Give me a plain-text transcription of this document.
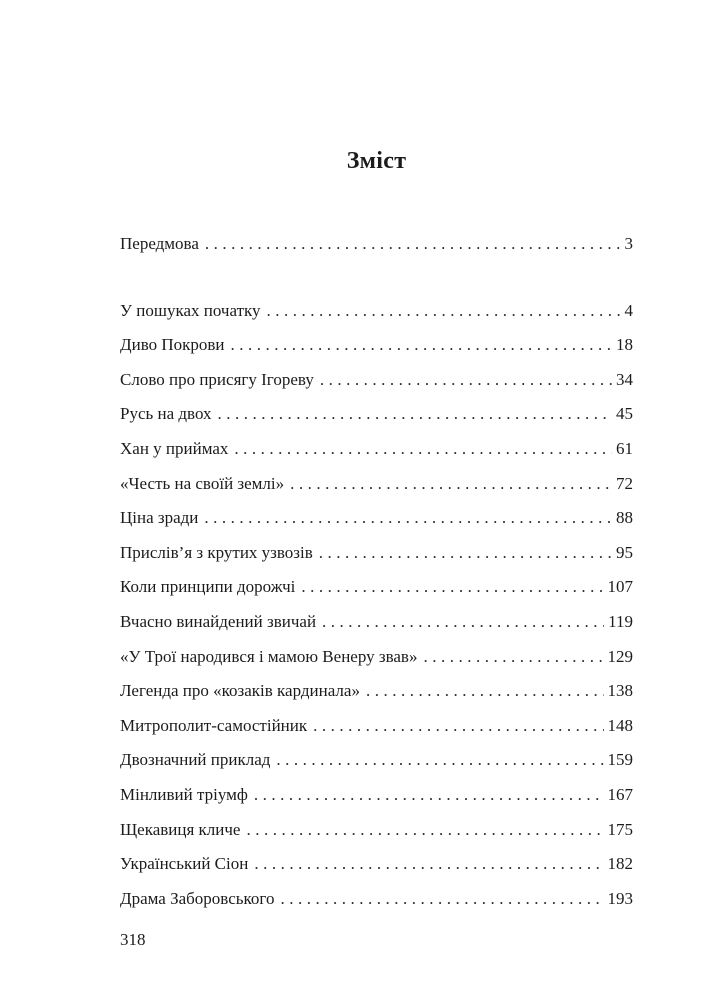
Зміст
Передмова .....	3
У пошуках початку .....	4
Диво Покрови .....	18
Слово про присягу Ігореву .....	34
Русь на двох .....	45
Хан у приймах .....	61
«Честь на своїй землі» .....	72
Ціна зради .....	88
Прислів’я з крутих узвозів .....	95
Коли принципи дорожчі .....	107
Вчасно винайдений звичай .....	119
«У Трої народився і мамою Венеру звав» .....	129
Легенда про «козаків кардинала» .....	138
Митрополит-самостійник .....	148
Двозначний приклад .....	159
Мінливий тріумф .....	167
Щекавиця кличе .....	175
Український Сіон .....	182
Драма Заборовського .....	193
318
